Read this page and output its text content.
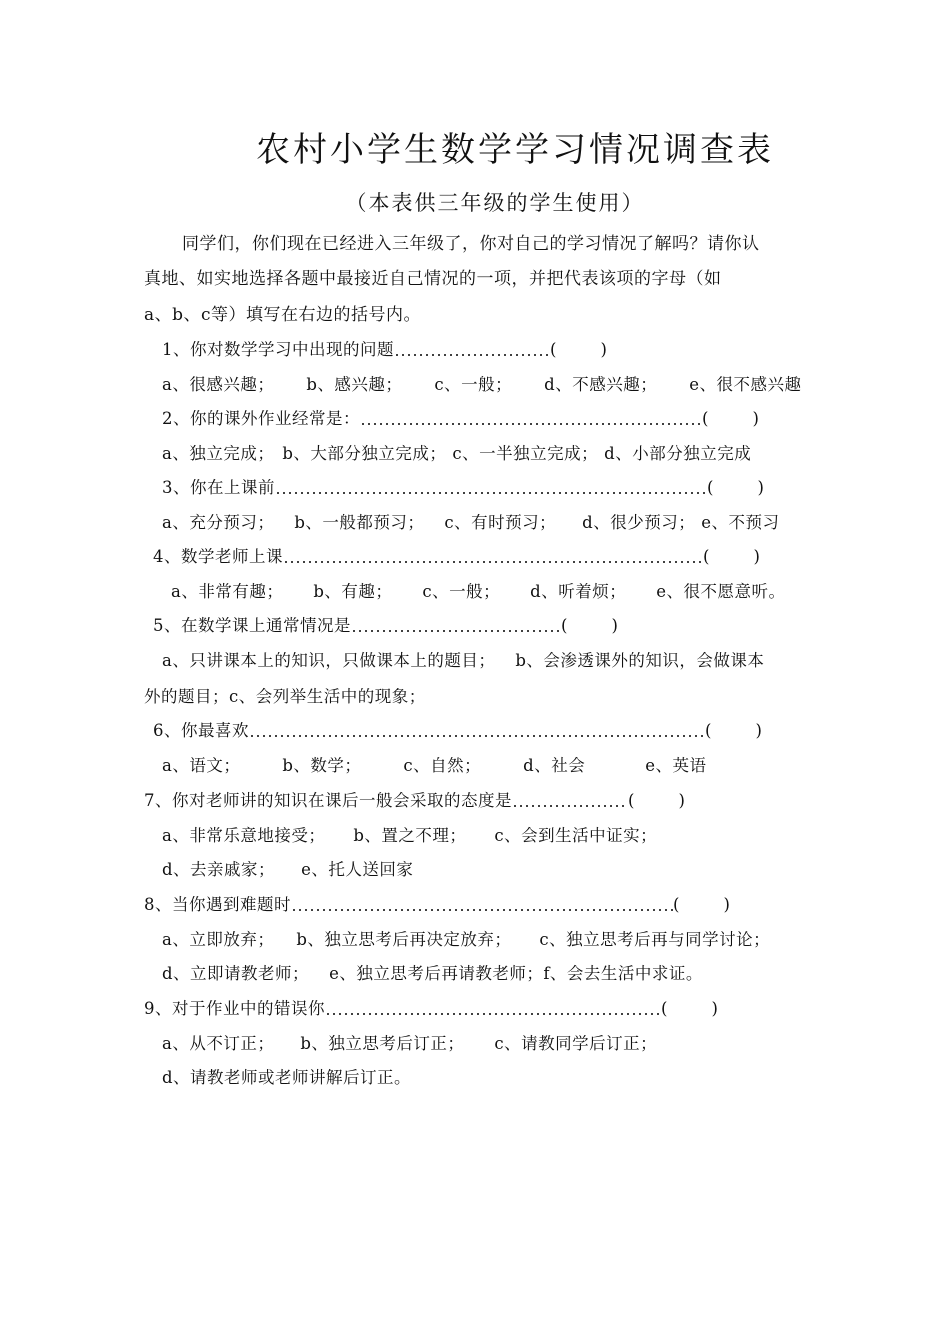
农村小学生数学学习情况调查表
（本表供三年级的学生使用）
同学们，你们现在已经进入三年级了，你对自己的学习情况了解吗？请你认
真地、如实地选择各题中最接近自己情况的一项，并把代表该项的字母（如
a、b、c等）填写在右边的括号内。
1、你对数学学习中出现的问题	(	)
a、很感兴趣； b、感兴趣； c、一般； d、不感兴趣； e、很不感兴趣
2、你的课外作业经常是：	(	)
a、独立完成； b、大部分独立完成； c、一半独立完成； d、小部分独立完成
3、你在上课前	(	)
a、充分预习； b、一般都预习； c、有时预习； d、很少预习； e、不预习
4、数学老师上课	(	)
a、非常有趣； b、有趣； c、一般； d、听着烦； e、很不愿意听。
5、在数学课上通常情况是	(	)
a、只讲课本上的知识，只做课本上的题目； b、会渗透课外的知识，会做课本
外的题目；c、会列举生活中的现象；
6、你最喜欢	(	)
a、语文；	b、数学；	c、自然；	d、社会	e、英语
7、你对老师讲的知识在课后一般会采取的态度是	(	)
a、非常乐意地接受； b、置之不理； c、会到生活中证实；
d、去亲戚家； e、托人送回家
8、当你遇到难题时	(	)
a、立即放弃； b、独立思考后再决定放弃； c、独立思考后再与同学讨论；
d、立即请教老师； e、独立思考后再请教老师；f、会去生活中求证。
9、对于作业中的错误你	(	)
a、从不订正； b、独立思考后订正； c、请教同学后订正；
d、请教老师或老师讲解后订正。
